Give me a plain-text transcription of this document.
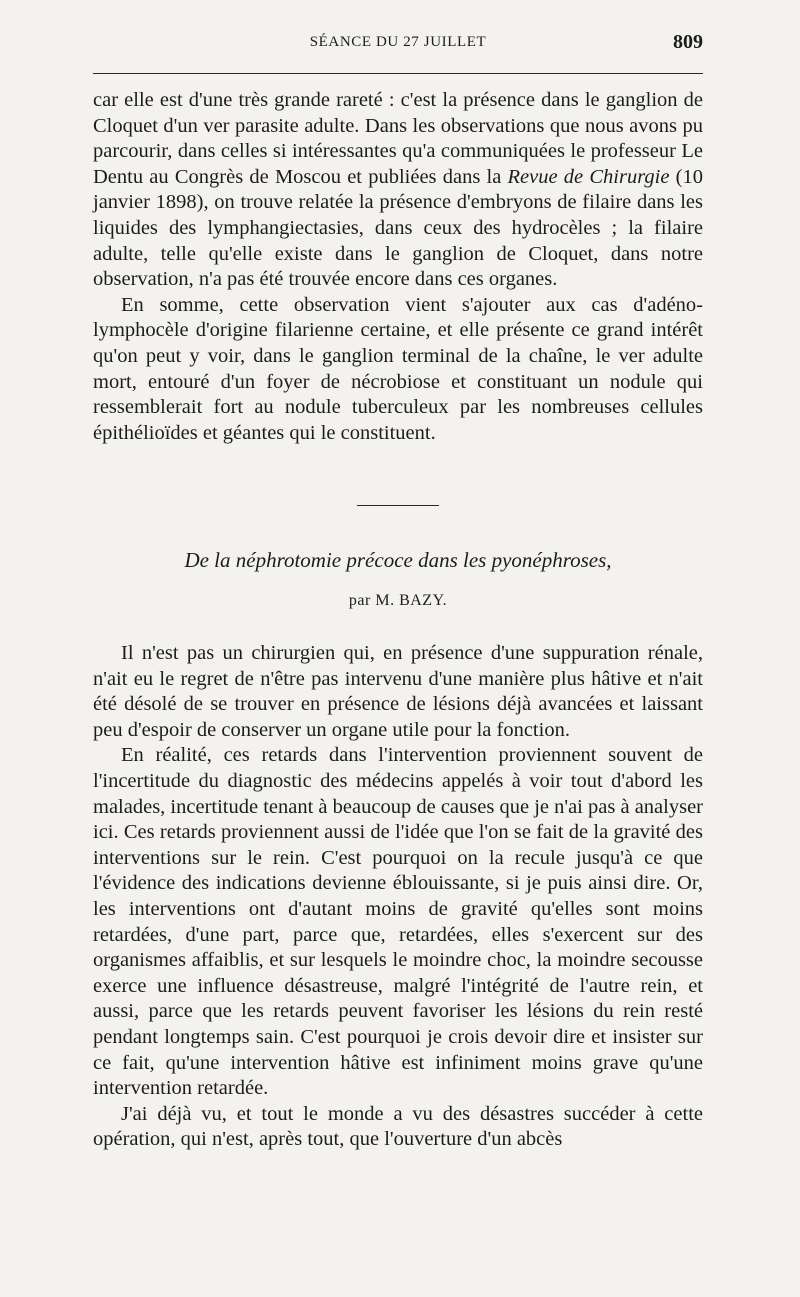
SÉANCE DU 27 JUILLET	809

car elle est d'une très grande rareté : c'est la présence dans le ganglion de Cloquet d'un ver parasite adulte. Dans les observations que nous avons pu parcourir, dans celles si intéressantes qu'a communiquées le professeur Le Dentu au Congrès de Moscou et publiées dans la Revue de Chirurgie (10 janvier 1898), on trouve relatée la présence d'embryons de filaire dans les liquides des lymphangiectasies, dans ceux des hydrocèles ; la filaire adulte, telle qu'elle existe dans le ganglion de Cloquet, dans notre observation, n'a pas été trouvée encore dans ces organes.

En somme, cette observation vient s'ajouter aux cas d'adéno-lymphocèle d'origine filarienne certaine, et elle présente ce grand intérêt qu'on peut y voir, dans le ganglion terminal de la chaîne, le ver adulte mort, entouré d'un foyer de nécrobiose et constituant un nodule qui ressemblerait fort au nodule tuberculeux par les nombreuses cellules épithélioïdes et géantes qui le constituent.

De la néphrotomie précoce dans les pyonéphroses,
par M. BAZY.

Il n'est pas un chirurgien qui, en présence d'une suppuration rénale, n'ait eu le regret de n'être pas intervenu d'une manière plus hâtive et n'ait été désolé de se trouver en présence de lésions déjà avancées et laissant peu d'espoir de conserver un organe utile pour la fonction.

En réalité, ces retards dans l'intervention proviennent souvent de l'incertitude du diagnostic des médecins appelés à voir tout d'abord les malades, incertitude tenant à beaucoup de causes que je n'ai pas à analyser ici. Ces retards proviennent aussi de l'idée que l'on se fait de la gravité des interventions sur le rein. C'est pourquoi on la recule jusqu'à ce que l'évidence des indications devienne éblouissante, si je puis ainsi dire. Or, les interventions ont d'autant moins de gravité qu'elles sont moins retardées, d'une part, parce que, retardées, elles s'exercent sur des organismes affaiblis, et sur lesquels le moindre choc, la moindre secousse exerce une influence désastreuse, malgré l'intégrité de l'autre rein, et aussi, parce que les retards peuvent favoriser les lésions du rein resté pendant longtemps sain. C'est pourquoi je crois devoir dire et insister sur ce fait, qu'une intervention hâtive est infiniment moins grave qu'une intervention retardée.

J'ai déjà vu, et tout le monde a vu des désastres succéder à cette opération, qui n'est, après tout, que l'ouverture d'un abcès
